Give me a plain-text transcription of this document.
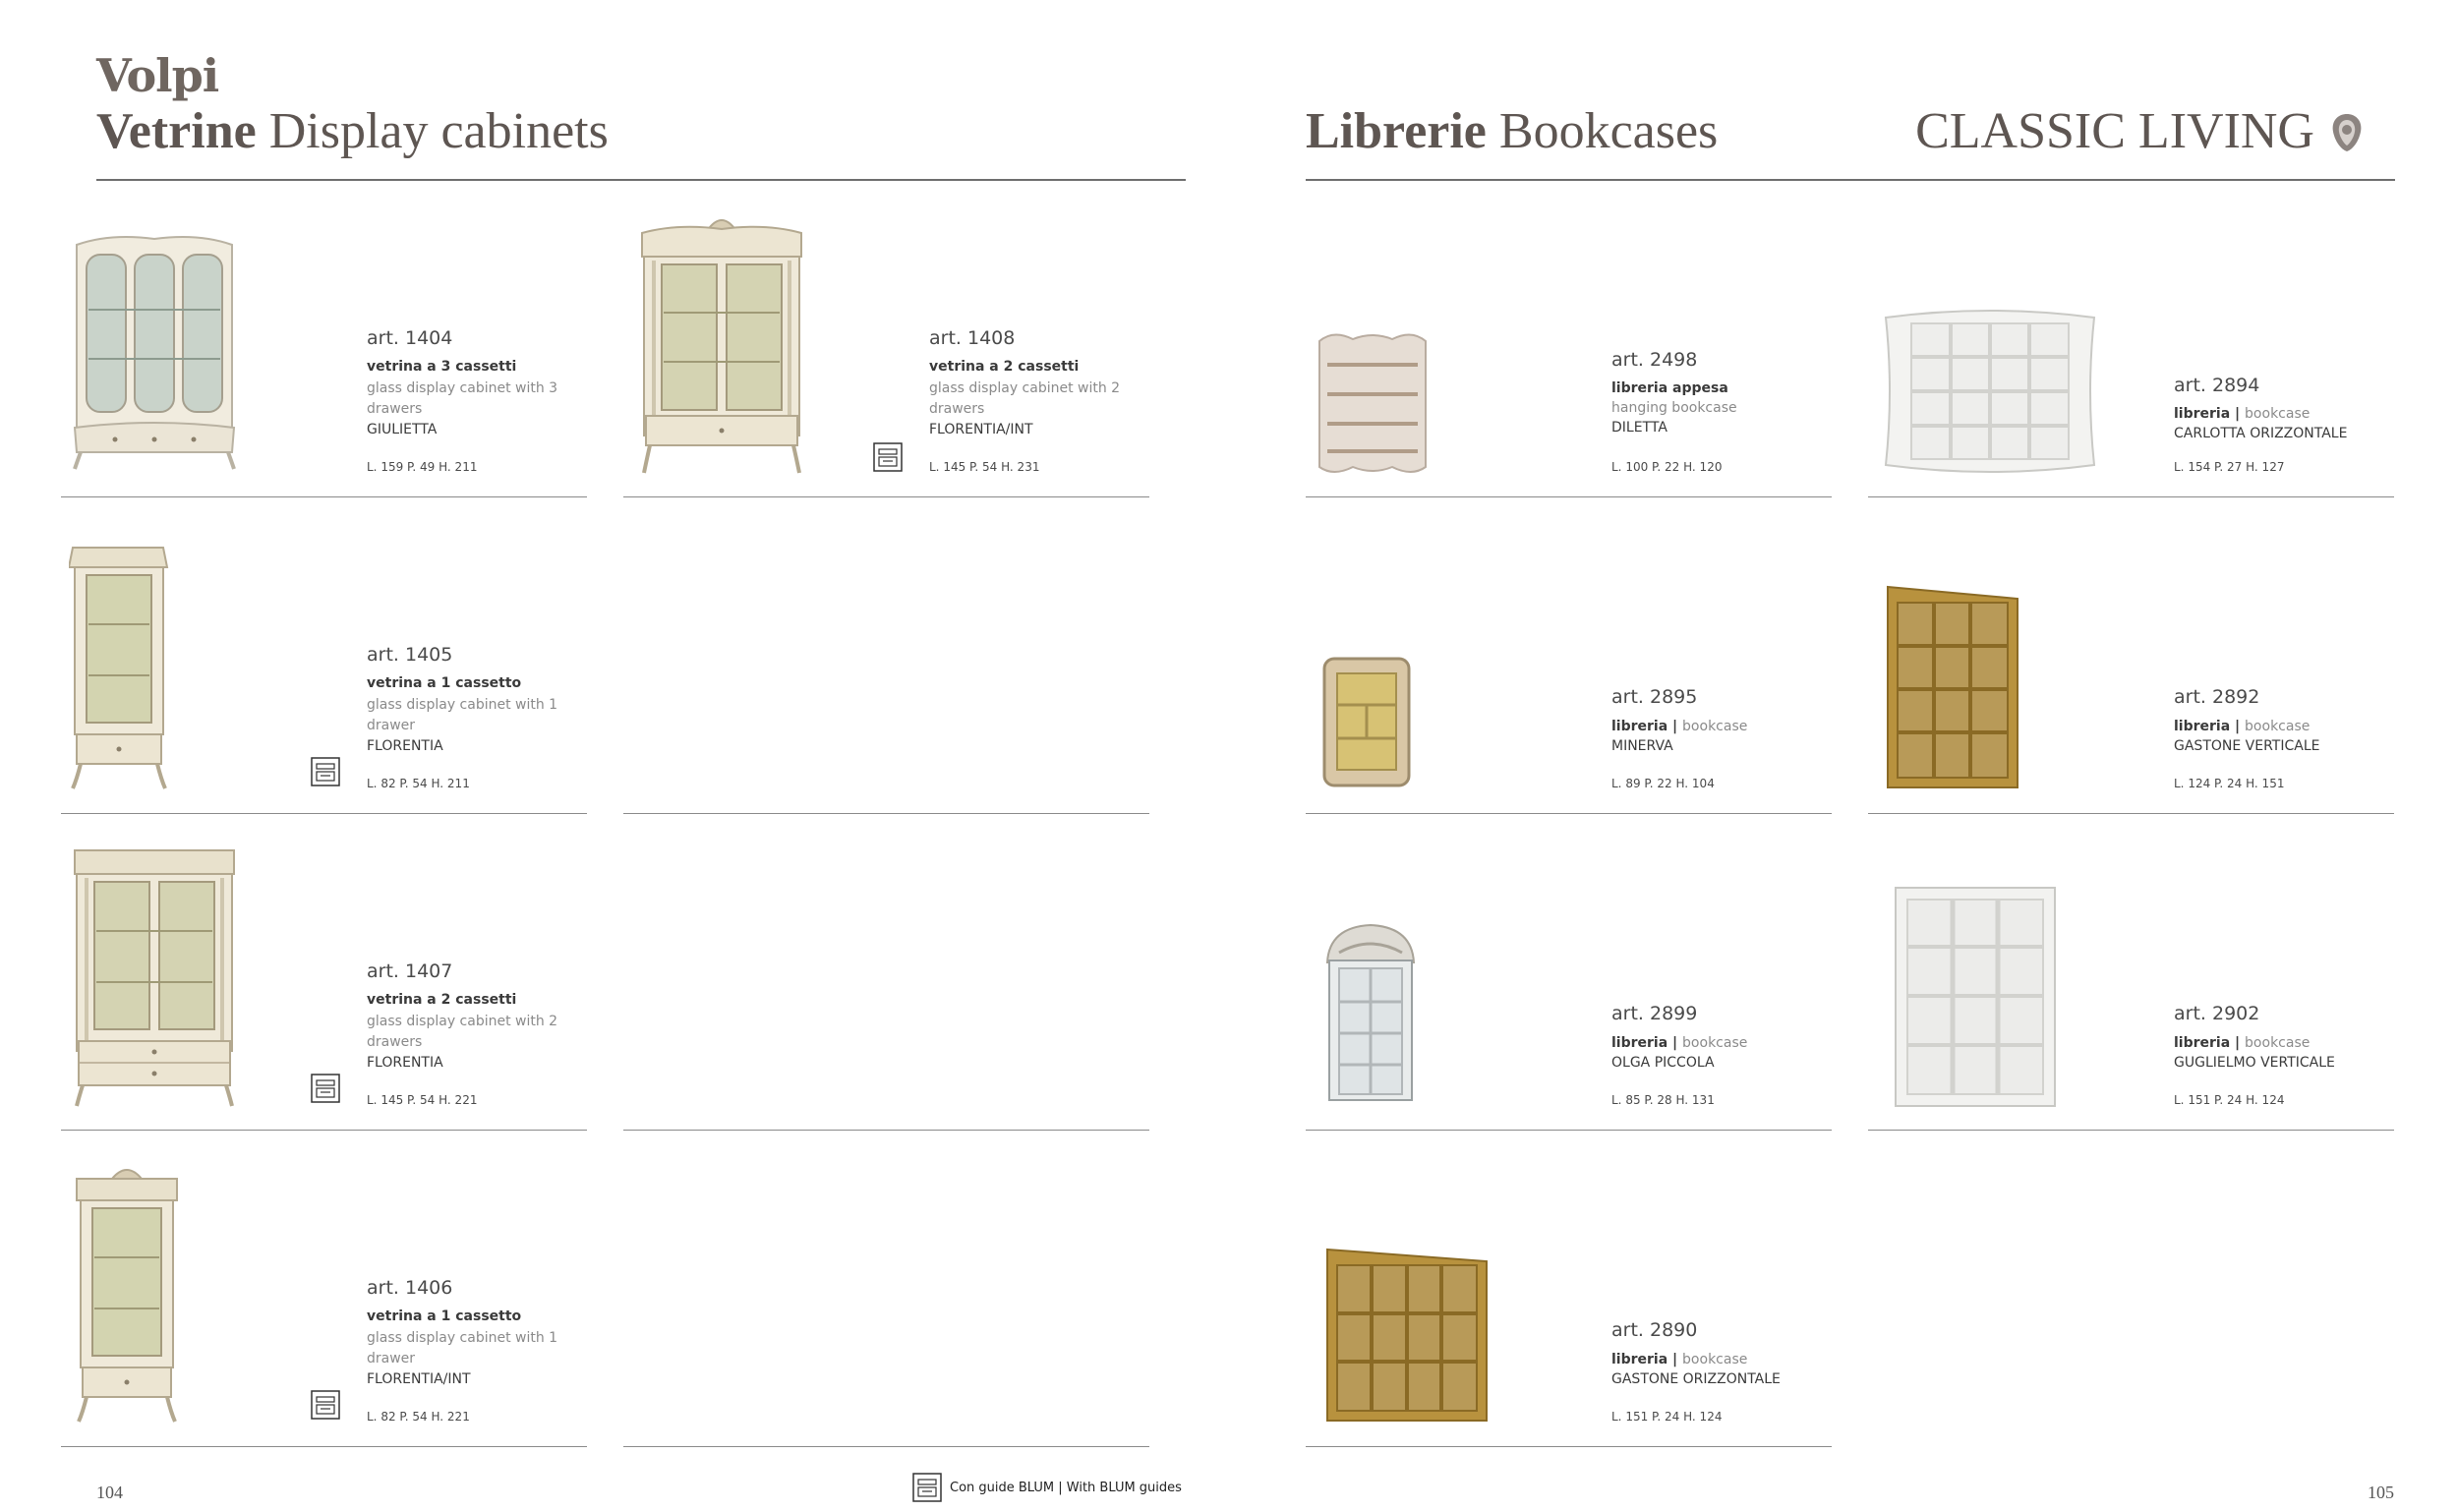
Volpi
Vetrine Display cabinets	Librerie Bookcases	CLASSIC LIVING
art. 1404
vetrina a 3 cassetti
glass display cabinet with 3 drawers
GIULIETTA
L. 159 P. 49 H. 211
art. 1408
vetrina a 2 cassetti
glass display cabinet with 2 drawers
FLORENTIA/INT
L. 145 P. 54 H. 231
art. 1405
vetrina a 1 cassetto
glass display cabinet with 1 drawer
FLORENTIA
L. 82 P. 54 H. 211
art. 1407
vetrina a 2 cassetti
glass display cabinet with 2 drawers
FLORENTIA
L. 145 P. 54 H. 221
art. 1406
vetrina a 1 cassetto
glass display cabinet with 1 drawer
FLORENTIA/INT
L. 82 P. 54 H. 221
art. 2498
libreria appesa
hanging bookcase
DILETTA
L. 100 P. 22 H. 120
art. 2894
libreria | bookcase
CARLOTTA ORIZZONTALE
L. 154 P. 27 H. 127
art. 2895
libreria | bookcase
MINERVA
L. 89 P. 22 H. 104
art. 2892
libreria | bookcase
GASTONE VERTICALE
L. 124 P. 24 H. 151
art. 2899
libreria | bookcase
OLGA PICCOLA
L. 85 P. 28 H. 131
art. 2902
libreria | bookcase
GUGLIELMO VERTICALE
L. 151 P. 24 H. 124
art. 2890
libreria | bookcase
GASTONE ORIZZONTALE
L. 151 P. 24 H. 124
104	105
Con guide BLUM | With BLUM guides
